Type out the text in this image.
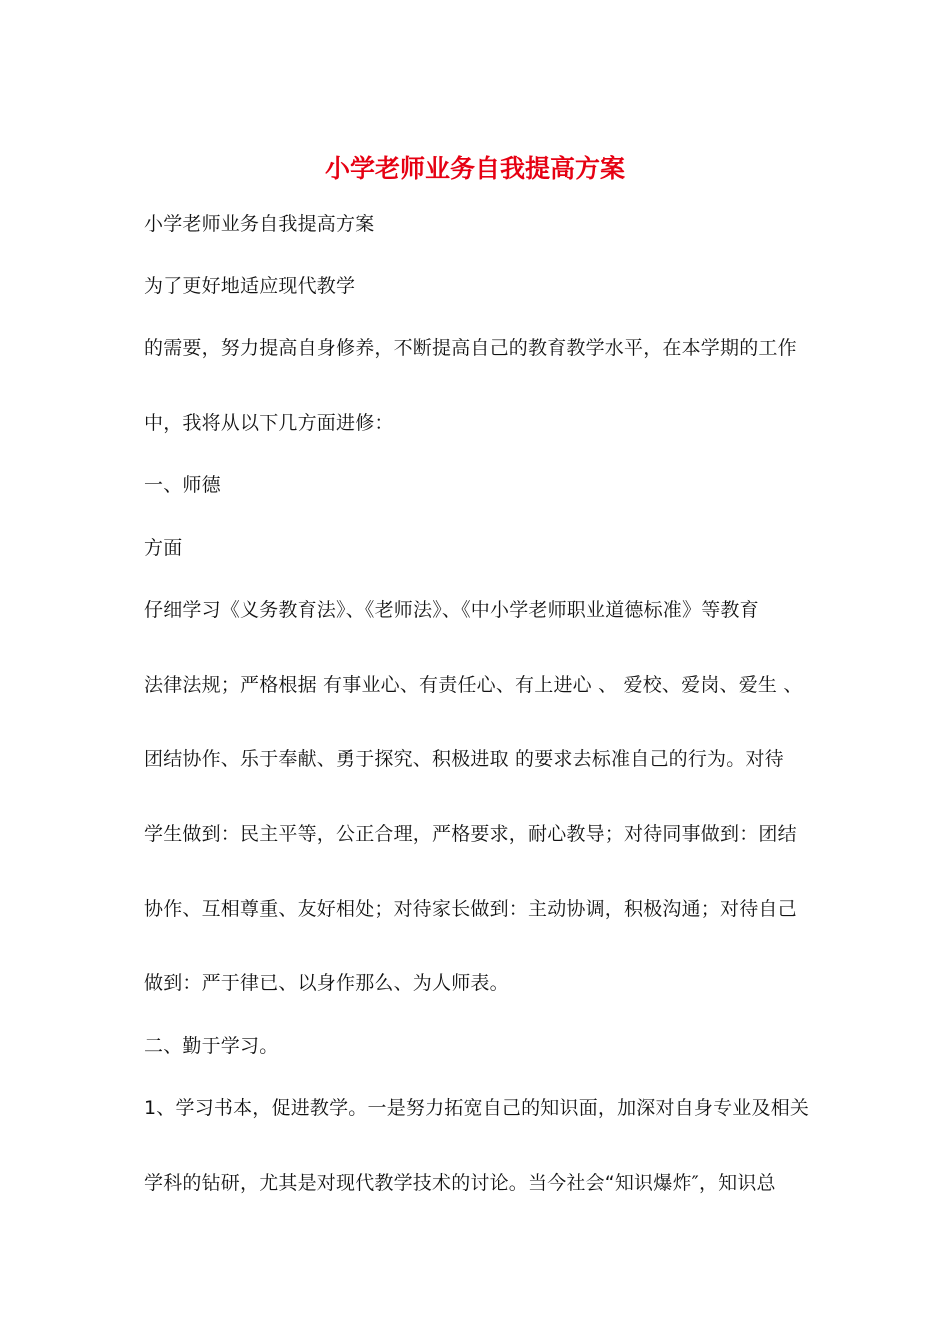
小学老师业务自我提高方案
小学老师业务自我提高方案
为了更好地适应现代教学
的需要，努力提高自身修养，不断提高自己的教育教学水平，在本学期的工作
中，我将从以下几方面进修：
一、师德
方面
仔细学习《义务教育法》、《老师法》、《中小学老师职业道德标准》等教育
法律法规；严格根据 有事业心、有责任心、有上进心 、 爱校、爱岗、爱生 、
团结协作、乐于奉献、勇于探究、积极进取 的要求去标准自己的行为。对待
学生做到：民主平等，公正合理，严格要求，耐心教导；对待同事做到：团结
协作、互相尊重、友好相处；对待家长做到：主动协调，积极沟通；对待自己
做到：严于律已、以身作那么、为人师表。
二、勤于学习。
1、学习书本，促进教学。一是努力拓宽自己的知识面，加深对自身专业及相关
学科的钻研，尤其是对现代教学技术的讨论。当今社会“知识爆炸″，知识总
